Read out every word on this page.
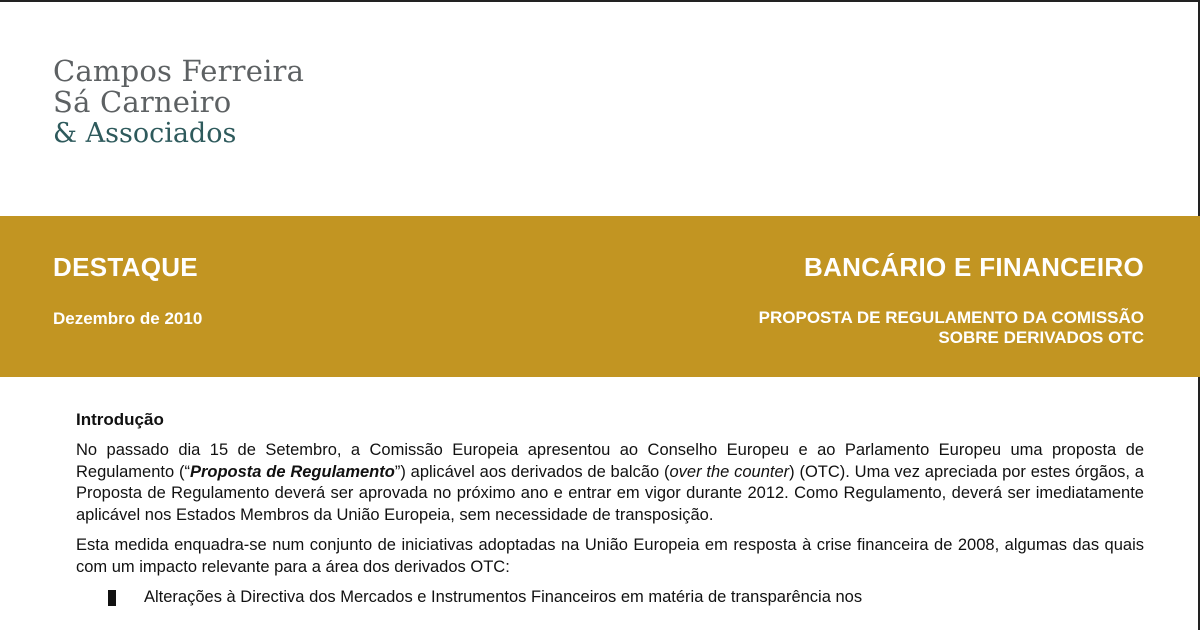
Campos Ferreira
Sá Carneiro
& Associados
DESTAQUE
Dezembro de 2010
BANCÁRIO E FINANCEIRO
PROPOSTA DE REGULAMENTO DA COMISSÃO
SOBRE DERIVADOS OTC
Introdução

No passado dia 15 de Setembro, a Comissão Europeia apresentou ao Conselho Europeu e ao Parlamento Europeu uma proposta de Regulamento (“Proposta de Regulamento”) aplicável aos derivados de balcão (over the counter) (OTC). Uma vez apreciada por estes órgãos, a Proposta de Regulamento deverá ser aprovada no próximo ano e entrar em vigor durante 2012. Como Regulamento, deverá ser imediatamente aplicável nos Estados Membros da União Europeia, sem necessidade de transposição.

Esta medida enquadra-se num conjunto de iniciativas adoptadas na União Europeia em resposta à crise financeira de 2008, algumas das quais com um impacto relevante para a área dos derivados OTC:

Alterações à Directiva dos Mercados e Instrumentos Financeiros em matéria de transparência nos
